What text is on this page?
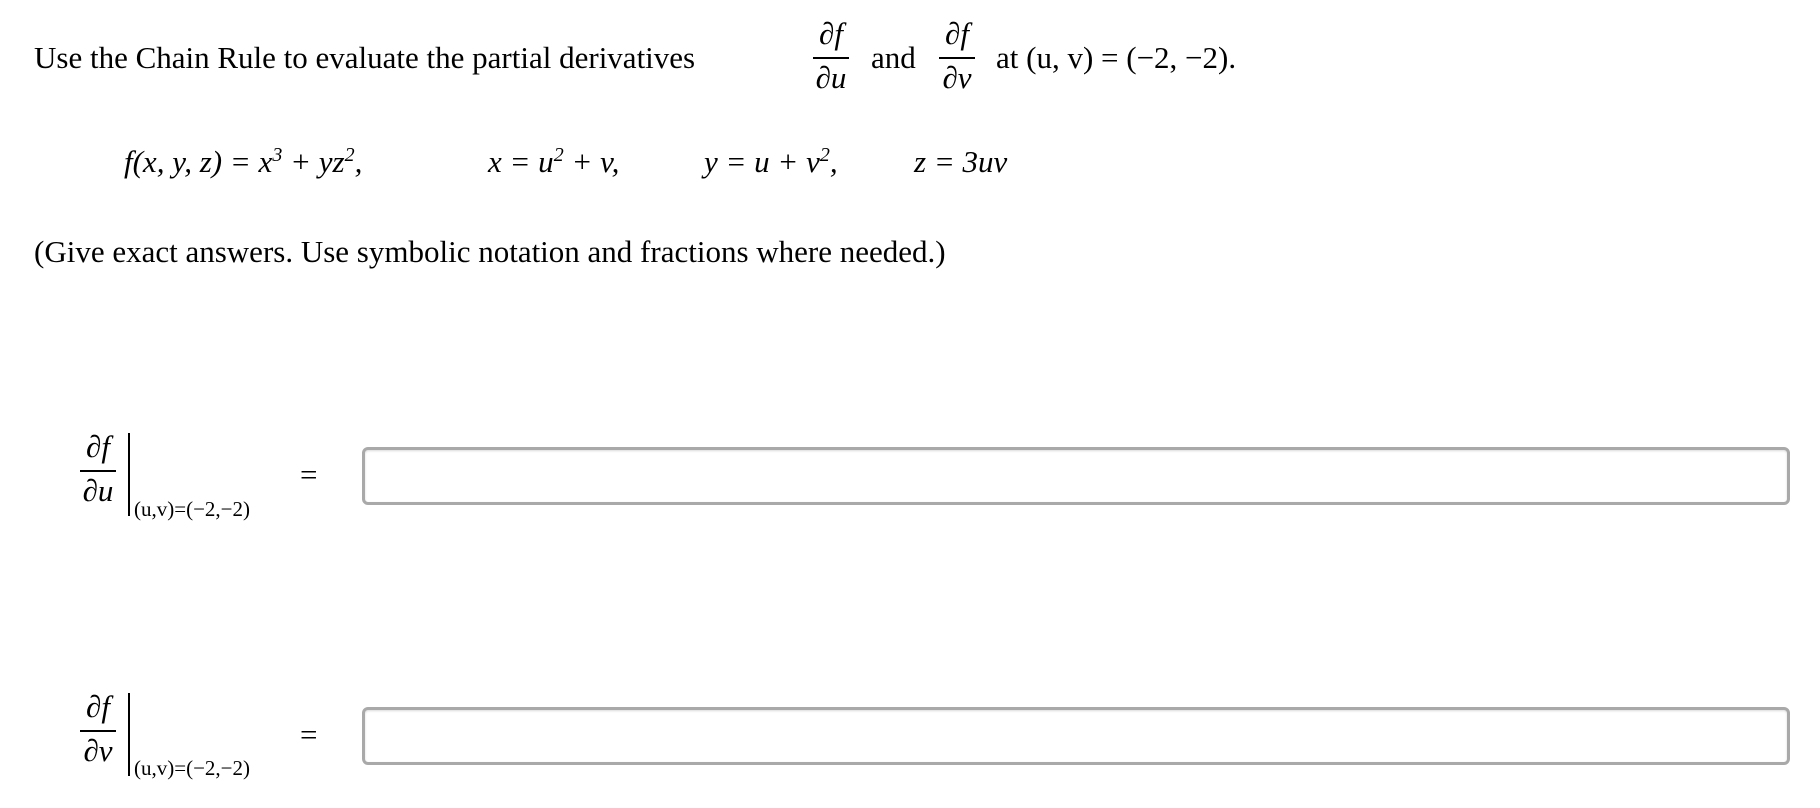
Use the Chain Rule to evaluate the partial derivatives
∂f
∂u
and
∂f
∂v
at (u, v) = (−2, −2).
f(x, y, $z) = x^3 + yz^2$,	$x = u^2 + v$,	$y = u + v^2$, z = 3uv
(Give exact answers. Use symbolic notation and fractions where needed.)
∂f
∂u
(u,v)=(−2,−2)
=
∂f
∂v (u,v)=(−2,−2)
=
